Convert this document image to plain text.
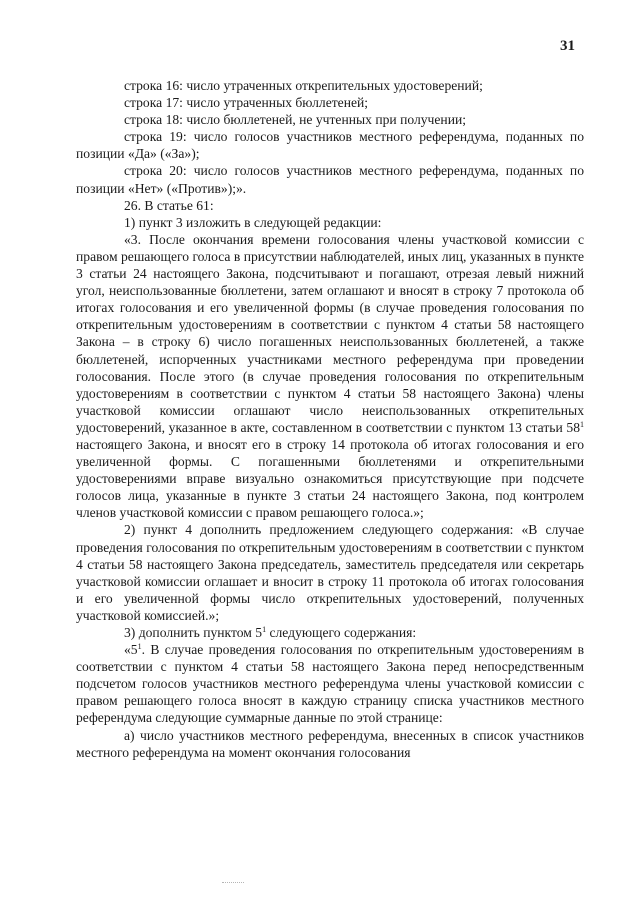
31

строка 16: число утраченных открепительных удостоверений;

строка 17: число утраченных бюллетеней;

строка 18: число бюллетеней, не учтенных при получении;

строка 19: число голосов участников местного референдума, поданных по позиции «Да» («За»);

строка 20: число голосов участников местного референдума, поданных по позиции «Нет» («Против»);».

26. В статье 61:

1) пункт 3 изложить в следующей редакции:

«3. После окончания времени голосования члены участковой комиссии с правом решающего голоса в присутствии наблюдателей, иных лиц, указанных в пункте 3 статьи 24 настоящего Закона, подсчитывают и погашают, отрезая левый нижний угол, неиспользованные бюллетени, затем оглашают и вносят в строку 7 протокола об итогах голосования и его увеличенной формы (в случае проведения голосования по открепительным удостоверениям в соответствии с пунктом 4 статьи 58 настоящего Закона – в строку 6) число погашенных неиспользованных бюллетеней, а также бюллетеней, испорченных участниками местного референдума при проведении голосования. После этого (в случае проведения голосования по открепительным удостоверениям в соответствии с пунктом 4 статьи 58 настоящего Закона) члены участковой комиссии оглашают число неиспользованных открепительных удостоверений, указанное в акте, составленном в соответствии с пунктом 13 статьи $58^1$ настоящего Закона, и вносят его в строку 14 протокола об итогах голосования и его увеличенной формы. С погашенными бюллетенями и открепительными удостоверениями вправе визуально ознакомиться присутствующие при подсчете голосов лица, указанные в пункте 3 статьи 24 настоящего Закона, под контролем членов участковой комиссии с правом решающего голоса.»;

2) пункт 4 дополнить предложением следующего содержания: «В случае проведения голосования по открепительным удостоверениям в соответствии с пунктом 4 статьи 58 настоящего Закона председатель, заместитель председателя или секретарь участковой комиссии оглашает и вносит в строку 11 протокола об итогах голосования и его увеличенной формы число открепительных удостоверений, полученных участковой комиссией.»;

3) дополнить пунктом $5^1$ следующего содержания:

«$5^1$. В случае проведения голосования по открепительным удостоверениям в соответствии с пунктом 4 статьи 58 настоящего Закона перед непосредственным подсчетом голосов участников местного референдума члены участковой комиссии с правом решающего голоса вносят в каждую страницу списка участников местного референдума следующие суммарные данные по этой странице:

а) число участников местного референдума, внесенных в список участников местного референдума на момент окончания голосования
